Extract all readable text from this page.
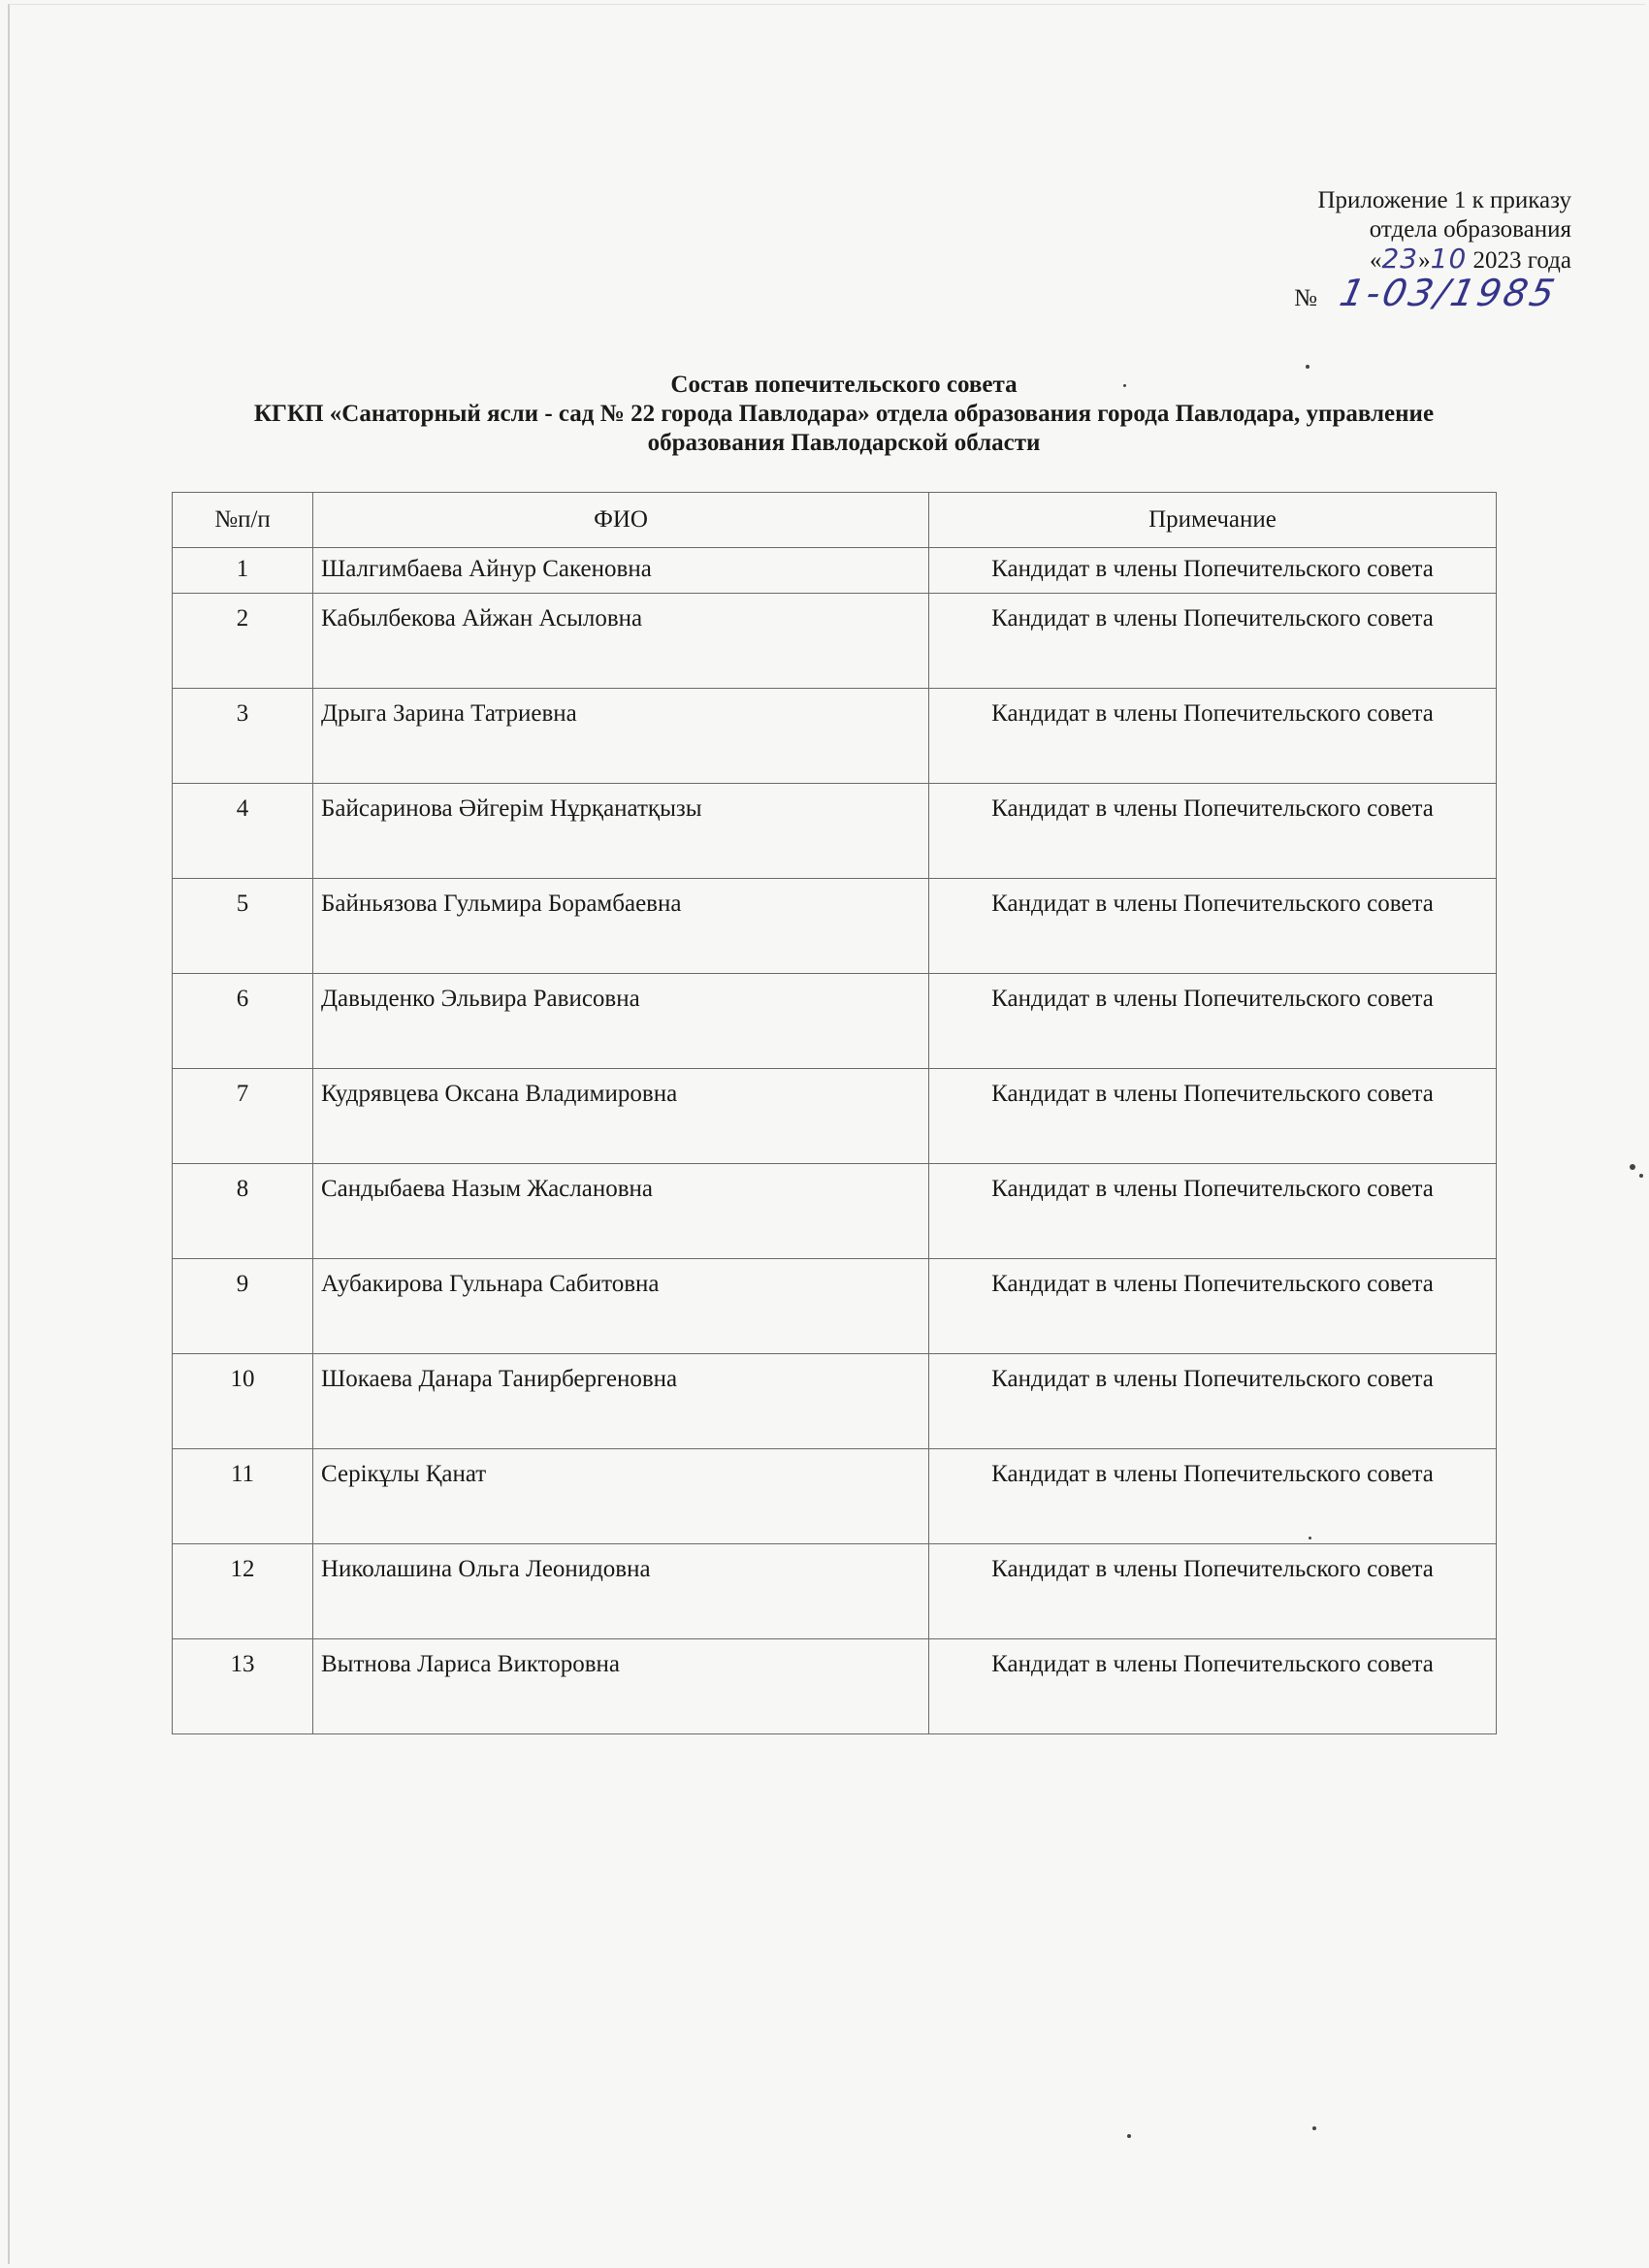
Приложение 1 к приказу
отдела образования
«23»10 2023 года
№ 1-03/1985
Состав попечительского совета
КГКП «Санаторный ясли - сад № 22 города Павлодара» отдела образования города Павлодара, управление
образования Павлодарской области
№п/п	ФИО	Примечание
1	Шалгимбаева Айнур Сакеновна	Кандидат в члены Попечительского совета
2	Кабылбекова Айжан Асыловна	Кандидат в члены Попечительского совета
3	Дрыга Зарина Татриевна	Кандидат в члены Попечительского совета
4	Байсаринова Әйгерім Нұрқанатқызы	Кандидат в члены Попечительского совета
5	Байньязова Гульмира Борамбаевна	Кандидат в члены Попечительского совета
6	Давыденко Эльвира Рависовна	Кандидат в члены Попечительского совета
7	Кудрявцева Оксана Владимировна	Кандидат в члены Попечительского совета
8	Сандыбаева Назым Жаслановна	Кандидат в члены Попечительского совета
9	Аубакирова Гульнара Сабитовна	Кандидат в члены Попечительского совета
10	Шокаева Данара Танирбергеновна	Кандидат в члены Попечительского совета
11	Серікұлы Қанат	Кандидат в члены Попечительского совета
12	Николашина Ольга Леонидовна	Кандидат в члены Попечительского совета
13	Вытнова Лариса Викторовна	Кандидат в члены Попечительского совета
